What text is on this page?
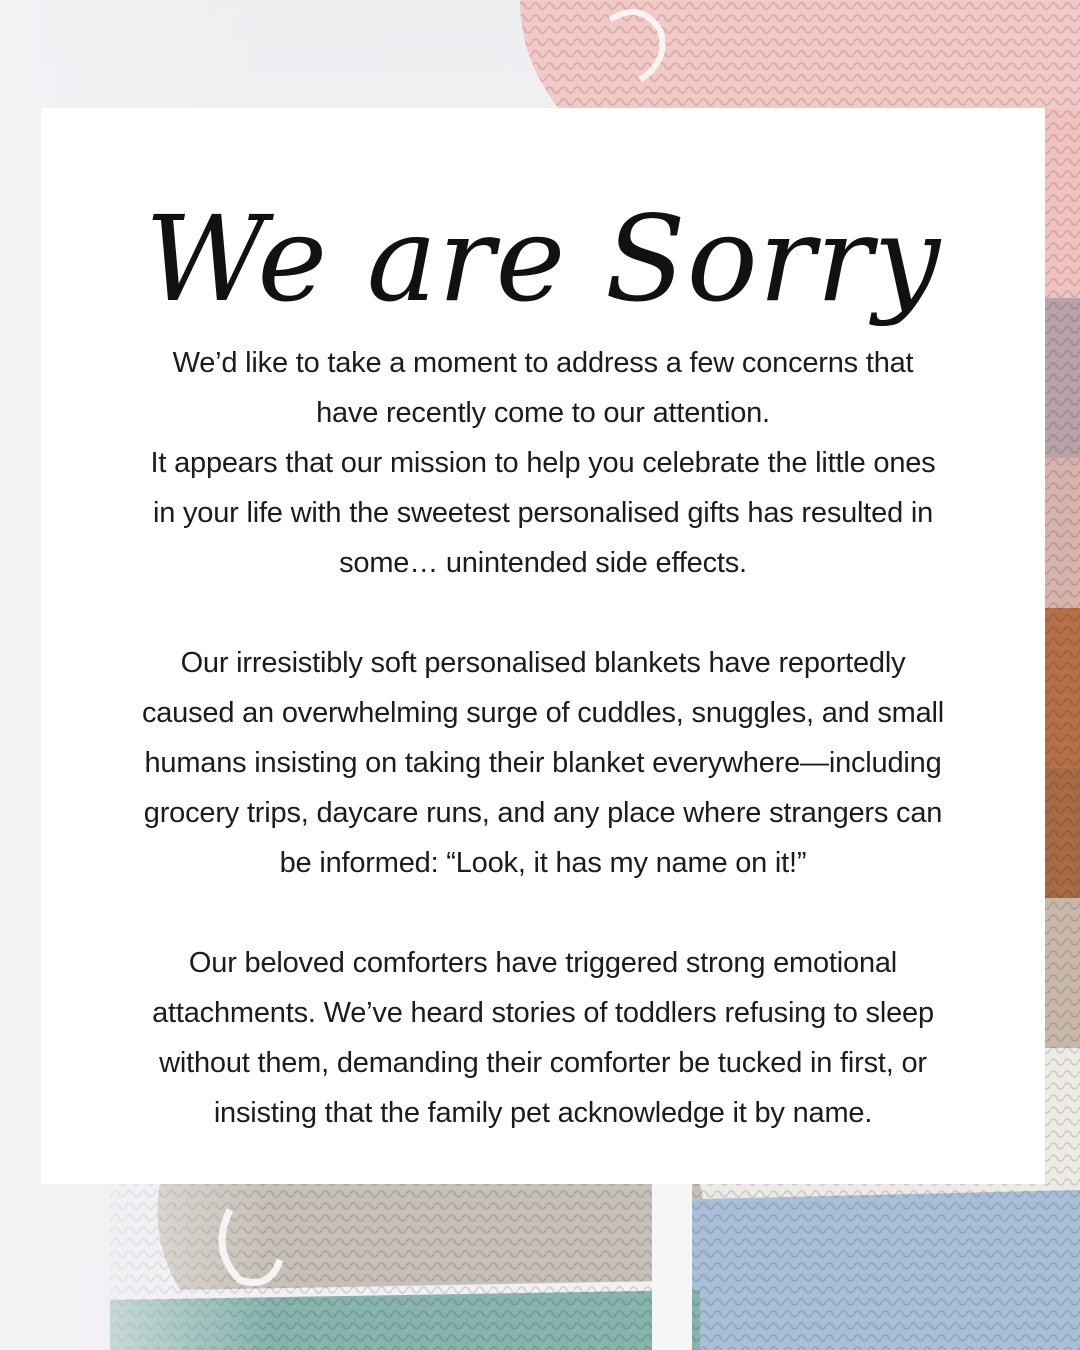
We are Sorry

We’d like to take a moment to address a few concerns that
have recently come to our attention.
It appears that our mission to help you celebrate the little ones
in your life with the sweetest personalised gifts has resulted in
some… unintended side effects.

Our irresistibly soft personalised blankets have reportedly
caused an overwhelming surge of cuddles, snuggles, and small
humans insisting on taking their blanket everywhere—including
grocery trips, daycare runs, and any place where strangers can
be informed: “Look, it has my name on it!”

Our beloved comforters have triggered strong emotional
attachments. We’ve heard stories of toddlers refusing to sleep
without them, demanding their comforter be tucked in first, or
insisting that the family pet acknowledge it by name.
